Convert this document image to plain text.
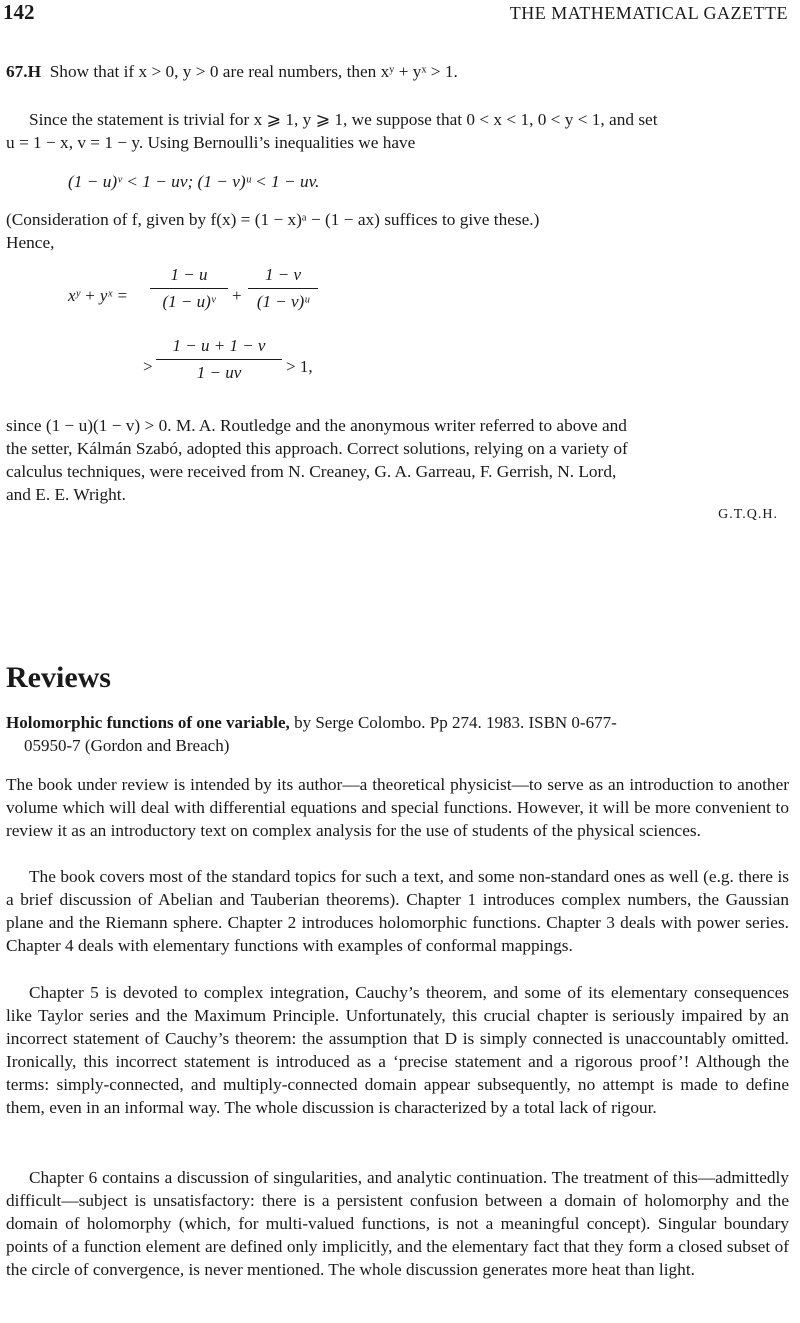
142	THE MATHEMATICAL GAZETTE
67.H Show that if x > 0, y > 0 are real numbers, then xʸ + yˣ > 1.
Since the statement is trivial for x ⩾ 1, y ⩾ 1, we suppose that 0 < x < 1, 0 < y < 1, and set
u = 1 − x, v = 1 − y. Using Bernoulli’s inequalities we have
(1 − u)ᵛ < 1 − uv; (1 − v)ᵘ < 1 − uv.
(Consideration of f, given by f(x) = (1 − x)ᵃ − (1 − ax) suffices to give these.)
Hence,
xʸ + yˣ =
1 − u
(1 − u)ᵛ +
1 − v
(1 − v)ᵘ
>
1 − u + 1 − v
1 − uv	> 1,
since (1 − u)(1 − v) > 0. M. A. Routledge and the anonymous writer referred to above and
the setter, Kálmán Szabó, adopted this approach. Correct solutions, relying on a variety of
calculus techniques, were received from N. Creaney, G. A. Garreau, F. Gerrish, N. Lord,
and E. E. Wright.
G.T.Q.H.
Reviews
Holomorphic functions of one variable, by Serge Colombo. Pp 274. 1983. ISBN 0-677-
05950-7 (Gordon and Breach)
The book under review is intended by its author—a theoretical physicist—to serve as an introduction to another volume which will deal with differential equations and special functions. However, it will be more convenient to review it as an introductory text on complex analysis for the use of students of the physical sciences.
The book covers most of the standard topics for such a text, and some non-standard ones as well (e.g. there is a brief discussion of Abelian and Tauberian theorems). Chapter 1 introduces complex numbers, the Gaussian plane and the Riemann sphere. Chapter 2 introduces holomorphic functions. Chapter 3 deals with power series. Chapter 4 deals with elementary functions with examples of conformal mappings.
Chapter 5 is devoted to complex integration, Cauchy’s theorem, and some of its elementary consequences like Taylor series and the Maximum Principle. Unfortunately, this crucial chapter is seriously impaired by an incorrect statement of Cauchy’s theorem: the assumption that D is simply connected is unaccountably omitted. Ironically, this incorrect statement is introduced as a ‘precise statement and a rigorous proof’! Although the terms: simply-connected, and multiply-connected domain appear subsequently, no attempt is made to define them, even in an informal way. The whole discussion is characterized by a total lack of rigour.
Chapter 6 contains a discussion of singularities, and analytic continuation. The treatment of this—admittedly difficult—subject is unsatisfactory: there is a persistent confusion between a domain of holomorphy and the domain of holomorphy (which, for multi-valued functions, is not a meaningful concept). Singular boundary points of a function element are defined only implicitly, and the elementary fact that they form a closed subset of the circle of convergence, is never mentioned. The whole discussion generates more heat than light.
